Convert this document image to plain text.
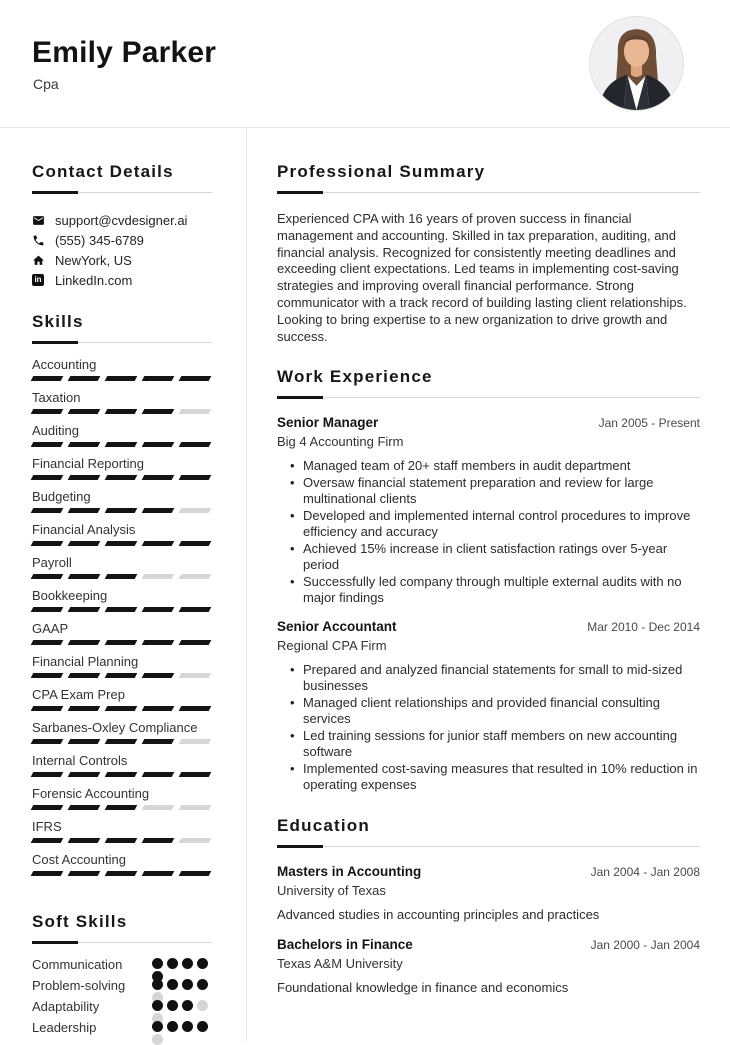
Emily Parker
Cpa
Contact Details
support@cvdesigner.ai
(555) 345-6789
NewYork, US
in LinkedIn.com
Skills
Accounting
Taxation
Auditing
Financial Reporting
Budgeting
Financial Analysis
Payroll
Bookkeeping
GAAP
Financial Planning
CPA Exam Prep
Sarbanes-Oxley Compliance
Internal Controls
Forensic Accounting
IFRS
Cost Accounting
Soft Skills
Communication
Problem-solving
Adaptability
Leadership
Professional Summary

Experienced CPA with 16 years of proven success in financial management and accounting. Skilled in tax preparation, auditing, and financial analysis. Recognized for consistently meeting deadlines and exceeding client expectations. Led teams in implementing cost-saving strategies and improving overall financial performance. Strong communicator with a track record of building lasting client relationships. Looking to bring expertise to a new organization to drive growth and success.

Work Experience
Senior Manager	Jan 2005 - Present
Big 4 Accounting Firm
• Managed team of 20+ staff members in audit department
• Oversaw financial statement preparation and review for large multinational clients
• Developed and implemented internal control procedures to improve efficiency and accuracy
• Achieved 15% increase in client satisfaction ratings over 5-year period
• Successfully led company through multiple external audits with no major findings
Senior Accountant	Mar 2010 - Dec 2014
Regional CPA Firm
• Prepared and analyzed financial statements for small to mid-sized businesses
• Managed client relationships and provided financial consulting services
• Led training sessions for junior staff members on new accounting software
• Implemented cost-saving measures that resulted in 10% reduction in operating expenses
Education
Masters in Accounting	Jan 2004 - Jan 2008
University of Texas
Advanced studies in accounting principles and practices
Bachelors in Finance	Jan 2000 - Jan 2004
Texas A&M University
Foundational knowledge in finance and economics
